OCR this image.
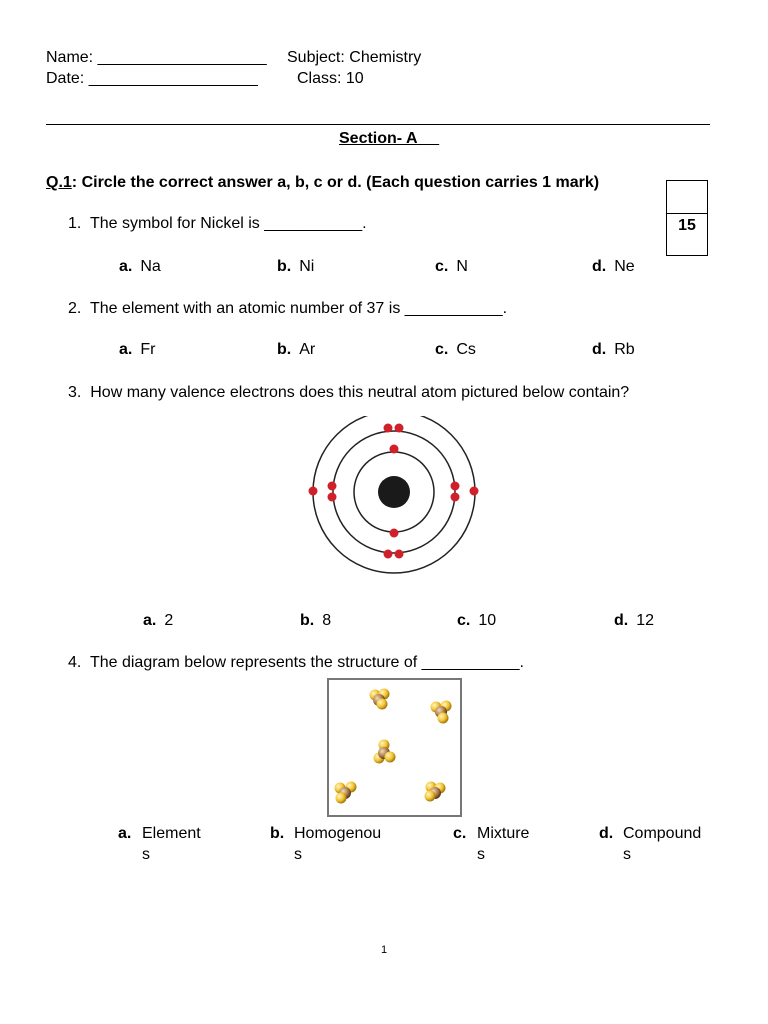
Name: ___________________ Subject: Chemistry
Date: ___________________ Class: 10
Section- A
Q.1: Circle the correct answer a, b, c or d. (Each question carries 1 mark)
15
1. The symbol for Nickel is ___________.
a. Na	b. Ni	c. N	d. Ne
2. The element with an atomic number of 37 is ___________.
a. Fr	b. Ar	c. Cs	d. Rb
3. How many valence electrons does this neutral atom pictured below contain?
a. 2	b. 8	c. 10	d. 12
4. The diagram below represents the structure of ___________.
a. Element
s
b. Homogenou
s
c. Mixture
s
d. Compound
s
1
